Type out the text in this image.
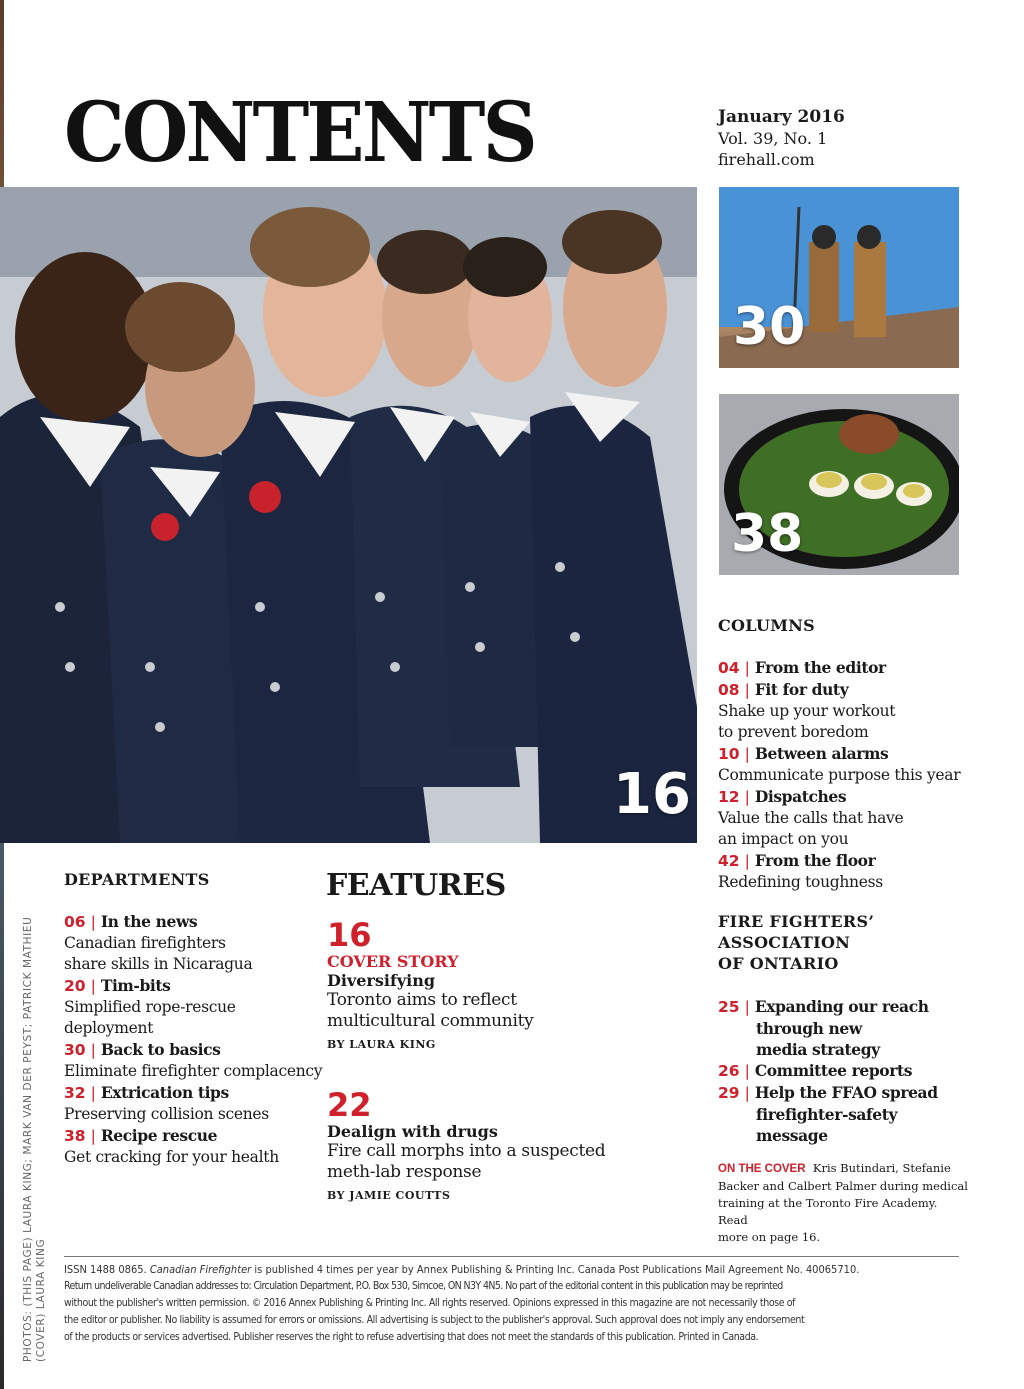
CONTENTS	January 2016
Vol. 39, No. 1
firehall.com
16
30
38
DEPARTMENTS
06 | In the news
Canadian firefighters
share skills in Nicaragua
20 | Tim-bits
Simplified rope-rescue
deployment
30 | Back to basics
Eliminate firefighter complacency
32 | Extrication tips
Preserving collision scenes
38 | Recipe rescue
Get cracking for your health
FEATURES
16
COVER STORY
Diversifying
Toronto aims to reflect
multicultural community
BY LAURA KING
22
Dealign with drugs
Fire call morphs into a suspected
meth-lab response
BY JAMIE COUTTS
COLUMNS
04 | From the editor
08 | Fit for duty
Shake up your workout
to prevent boredom
10 | Between alarms
Communicate purpose this year
12 | Dispatches
Value the calls that have
an impact on you
42 | From the floor
Redefining toughness
FIRE FIGHTERS’
ASSOCIATION
OF ONTARIO
25 | Expanding our reach
through new
media strategy
26 | Committee reports
29 | Help the FFAO spread
firefighter-safety message
ON THE COVER Kris Butindari, Stefanie
Backer and Calbert Palmer during medical
training at the Toronto Fire Academy. Read
more on page 16.
PHOTOS: (THIS PAGE) LAURA KING; MARK VAN DER PEYST; PATRICK MATHIEU (COVER) LAURA KING ISSN 1488 0865. Canadian Firefighter is published 4 times per year by Annex Publishing & Printing Inc. Canada Post Publications Mail Agreement No. 40065710.

Return undeliverable Canadian addresses to: Circulation Department, P.O. Box 530, Simcoe, ON N3Y 4N5. No part of the editorial content in this publication may be reprinted

without the publisher's written permission. © 2016 Annex Publishing & Printing Inc. All rights reserved. Opinions expressed in this magazine are not necessarily those of

the editor or publisher. No liability is assumed for errors or omissions. All advertising is subject to the publisher's approval. Such approval does not imply any endorsement

of the products or services advertised. Publisher reserves the right to refuse advertising that does not meet the standards of this publication. Printed in Canada.
